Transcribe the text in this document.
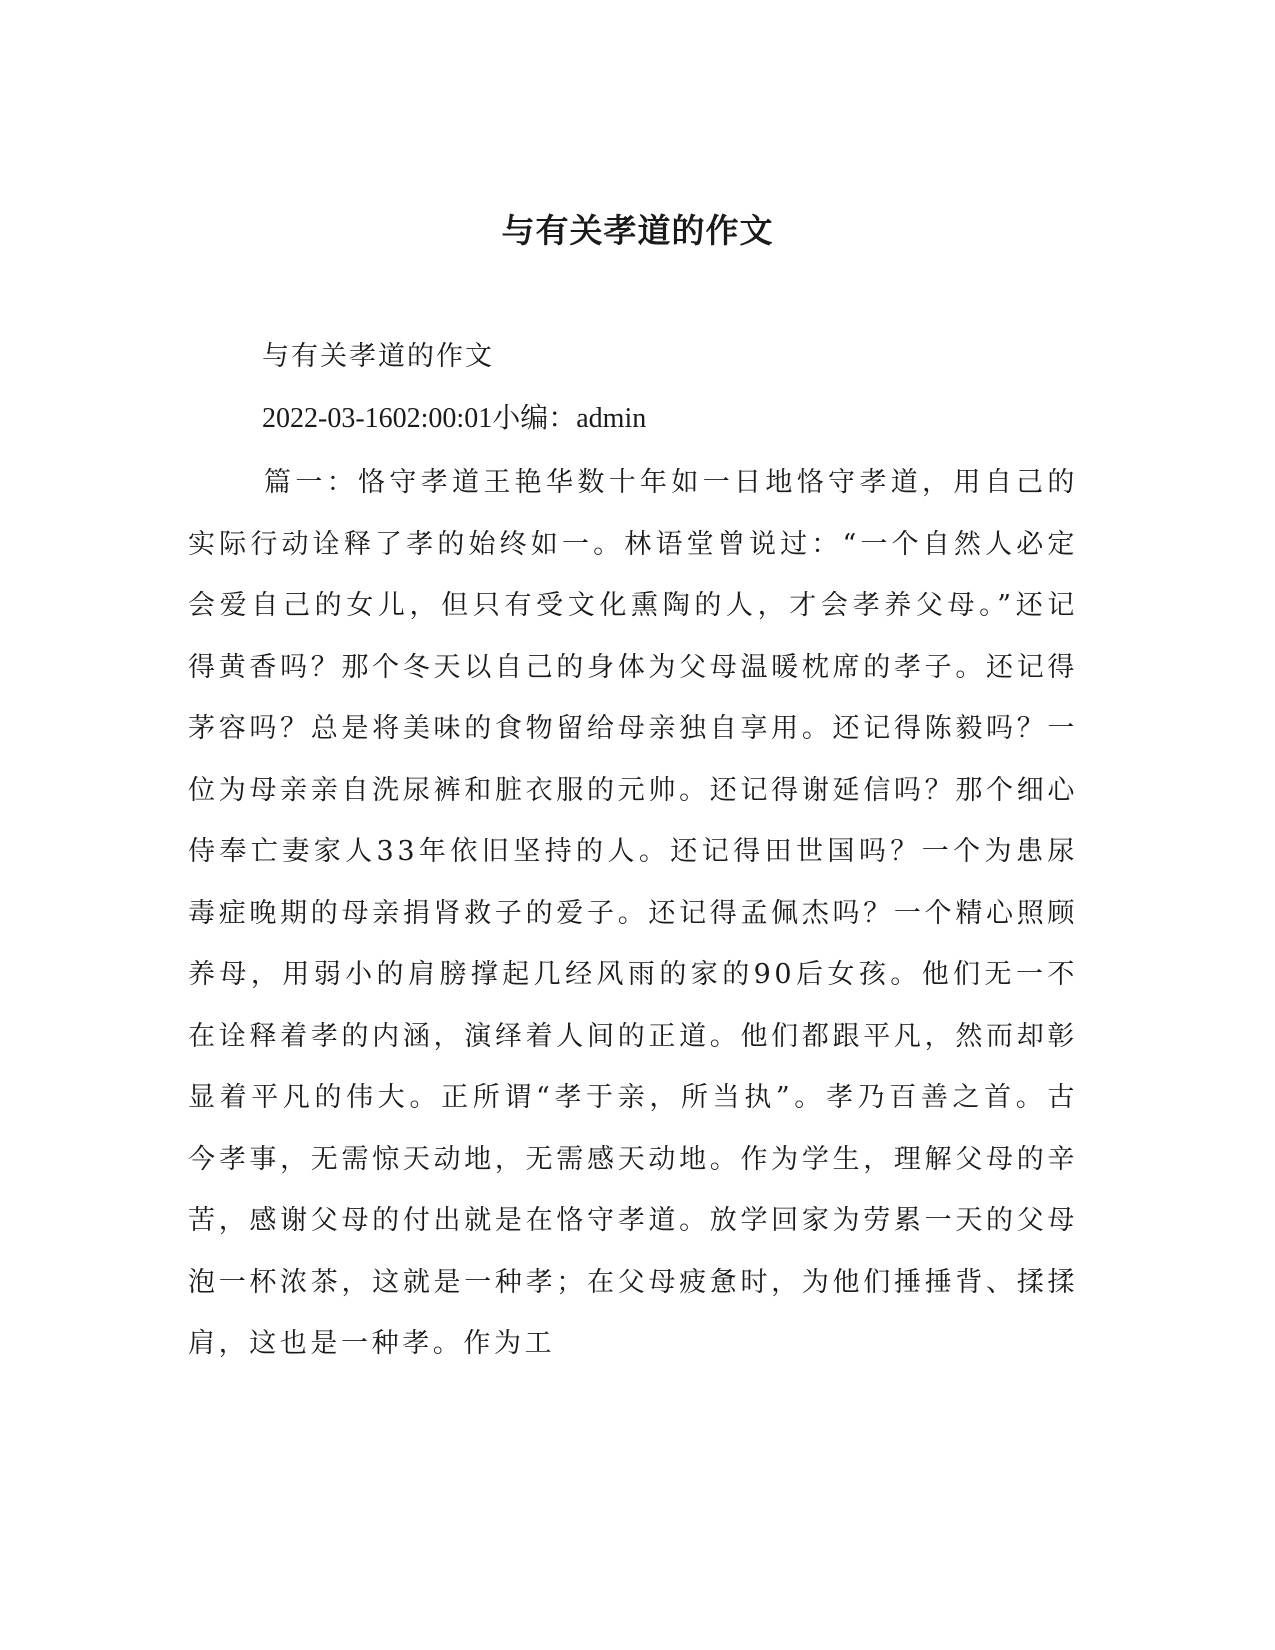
与有关孝道的作文

与有关孝道的作文

2022-03-1602:00:01小编：admin

篇一：恪守孝道王艳华数十年如一日地恪守孝道，用自己的实际行动诠释了孝的始终如一。林语堂曾说过：“一个自然人必定会爱自己的女儿，但只有受文化熏陶的人，才会孝养父母。”还记得黄香吗？那个冬天以自己的身体为父母温暖枕席的孝子。还记得茅容吗？总是将美味的食物留给母亲独自享用。还记得陈毅吗？一位为母亲亲自洗尿裤和脏衣服的元帅。还记得谢延信吗？那个细心侍奉亡妻家人33年依旧坚持的人。还记得田世国吗？一个为患尿毒症晚期的母亲捐肾救子的爱子。还记得孟佩杰吗？一个精心照顾养母，用弱小的肩膀撑起几经风雨的家的90后女孩。他们无一不在诠释着孝的内涵，演绎着人间的正道。他们都跟平凡，然而却彰显着平凡的伟大。正所谓“孝于亲，所当执”。孝乃百善之首。古今孝事，无需惊天动地，无需感天动地。作为学生，理解父母的辛苦，感谢父母的付出就是在恪守孝道。放学回家为劳累一天的父母泡一杯浓茶，这就是一种孝；在父母疲惫时，为他们捶捶背、揉揉肩，这也是一种孝。作为工
